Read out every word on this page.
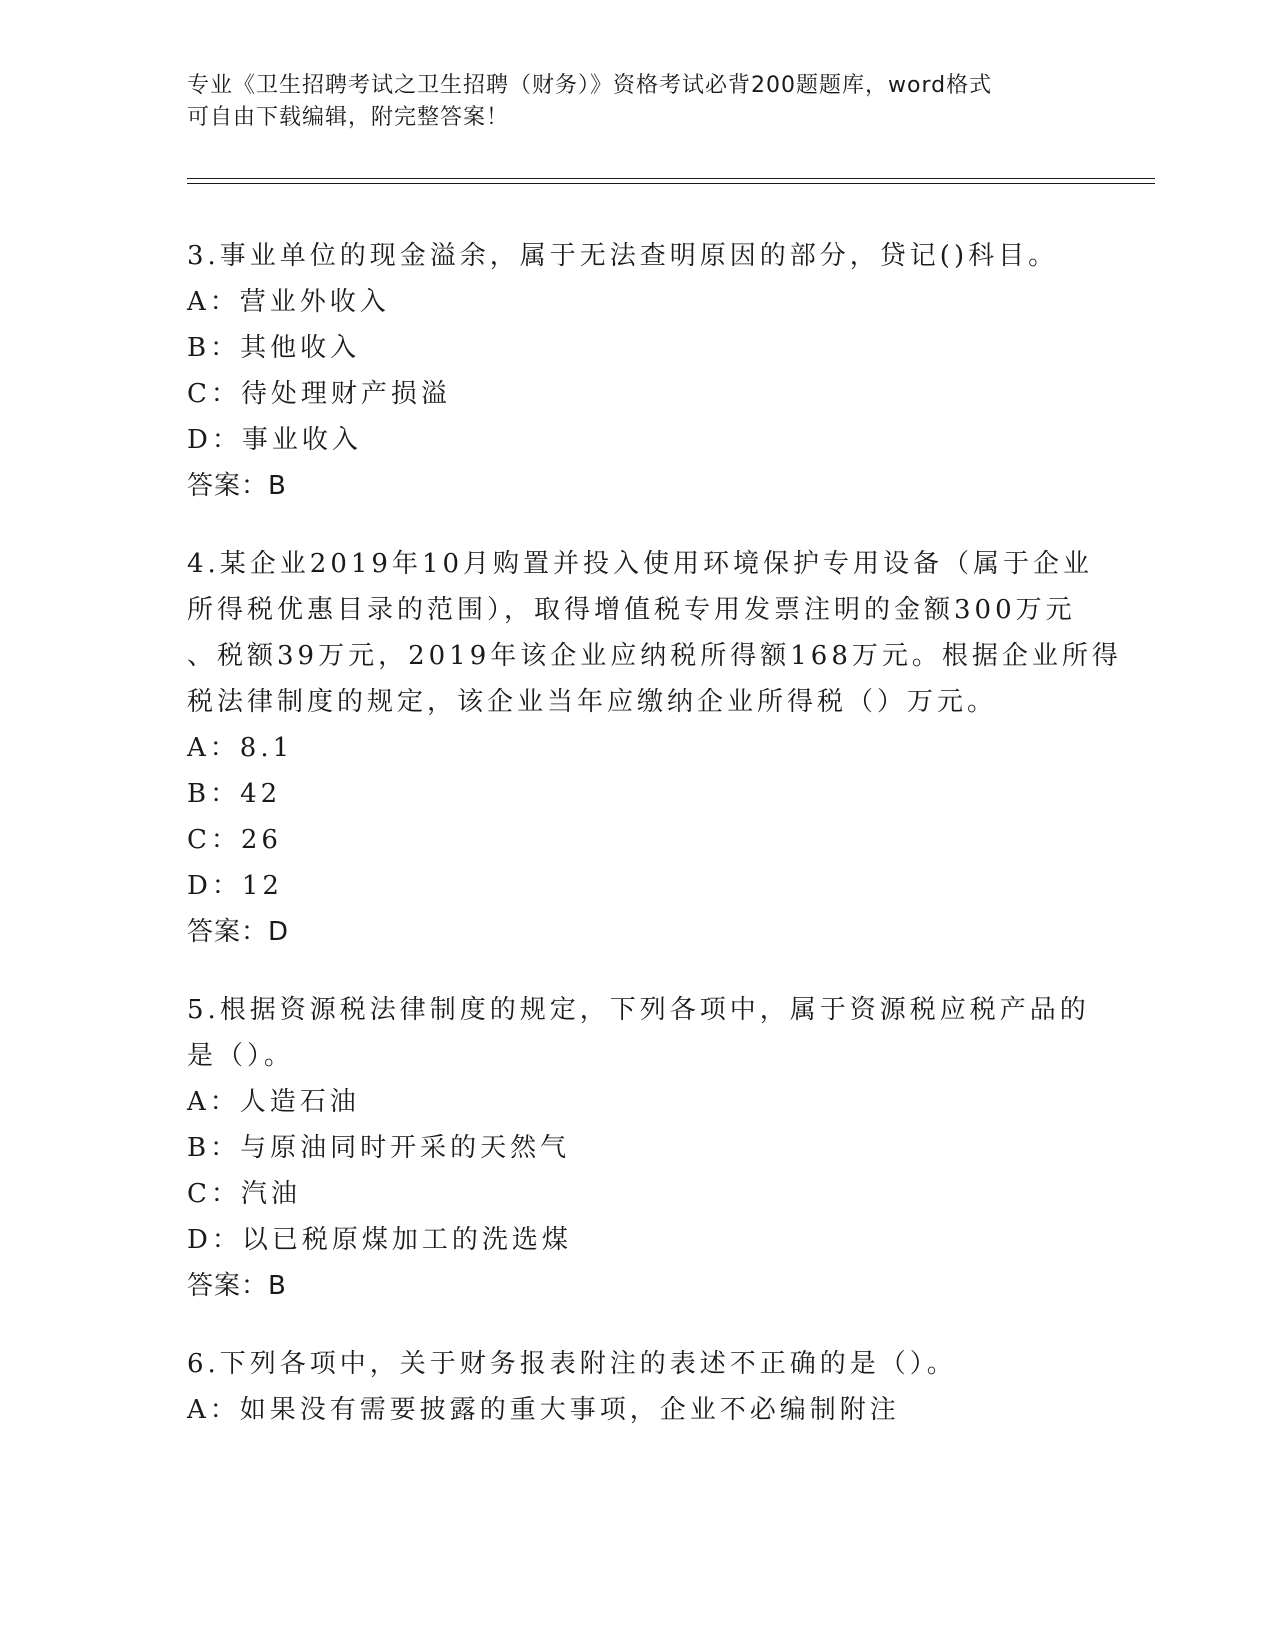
专业《卫生招聘考试之卫生招聘（财务）》资格考试必背200题题库，word格式
可自由下载编辑，附完整答案！
3.事业单位的现金溢余，属于无法查明原因的部分，贷记()科目。
A：营业外收入
B：其他收入
C：待处理财产损溢
D：事业收入
答案：B
4.某企业2019年10月购置并投入使用环境保护专用设备（属于企业
所得税优惠目录的范围），取得增值税专用发票注明的金额300万元
、税额39万元，2019年该企业应纳税所得额168万元。根据企业所得
税法律制度的规定，该企业当年应缴纳企业所得税（）万元。
A：8.1
B：42
C：26
D：12
答案：D
5.根据资源税法律制度的规定，下列各项中，属于资源税应税产品的
是（）。
A：人造石油
B：与原油同时开采的天然气
C：汽油
D：以已税原煤加工的洗选煤
答案：B
6.下列各项中，关于财务报表附注的表述不正确的是（）。
A：如果没有需要披露的重大事项，企业不必编制附注
